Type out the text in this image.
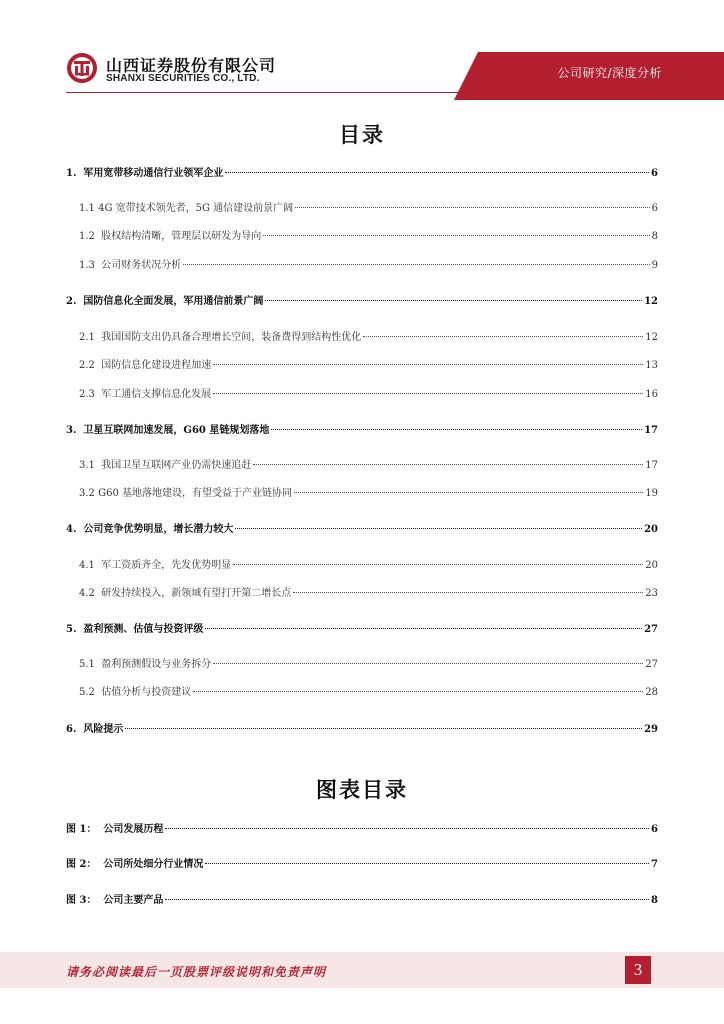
山西证券股份有限公司
SHANXI SECURITIES CO., LTD.	公司研究/深度分析
目录
1. 军用宽带移动通信行业领军企业	6
1.1 4G 宽带技术领先者，5G 通信建设前景广阔	6
1.2 股权结构清晰，管理层以研发为导向	8
1.3 公司财务状况分析	9
2. 国防信息化全面发展，军用通信前景广阔	12
2.1 我国国防支出仍具备合理增长空间，装备费得到结构性优化	12
2.2 国防信息化建设进程加速	13
2.3 军工通信支撑信息化发展	16
3. 卫星互联网加速发展，G60 星链规划落地	17
3.1 我国卫星互联网产业仍需快速追赶	17
3.2 G60 基地落地建设，有望受益于产业链协同	19
4. 公司竞争优势明显，增长潜力较大	20
4.1 军工资质齐全，先发优势明显	20
4.2 研发持续投入，新领域有望打开第二增长点	23
5. 盈利预测、估值与投资评级	27
5.1 盈利预测假设与业务拆分	27
5.2 估值分析与投资建议	28
6. 风险提示	29
图表目录
图 1： 公司发展历程	6
图 2： 公司所处细分行业情况	7
图 3： 公司主要产品	8
请务必阅读最后一页股票评级说明和免责声明	3
